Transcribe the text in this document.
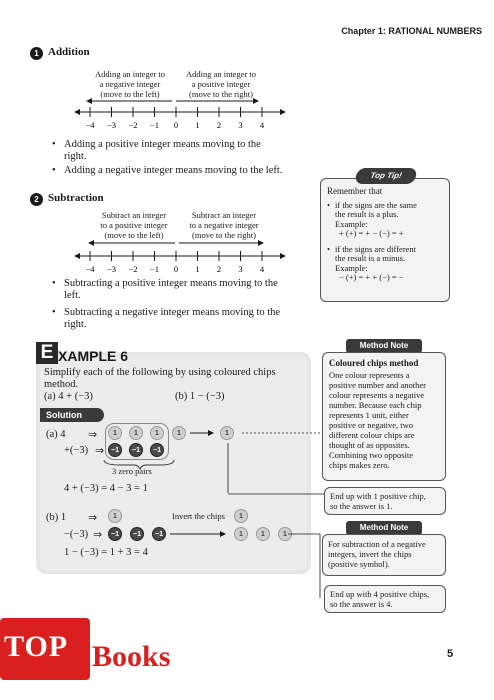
Chapter 1: RATIONAL NUMBERS
1 Addition
Adding an integer to
a negative integer
(move to the left)
Adding an integer to
a positive integer
(move to the right)
−4 −3 −2 −1 0 1 2 3 4
• Adding a positive integer means moving to the
right.
• Adding a negative integer means moving to the left.
2 Subtraction
Subtract an integer
to a positive integer
(move to the left)
Subtract an integer
to a negative integer
(move to the right)
−4 −3 −2 −1 0 1 2 3 4
• Subtracting a positive integer means moving to the
left.
• Subtracting a negative integer means moving to the
right.
Remember that
• if the signs are the same
the result is a plus.
Example:
+ (+) = + − (−) = +
• if the signs are different
the result is a minus.
Example:
− (+) = + + (−) = −
Top Tip!
E XAMPLE 6
Simplify each of the following by using coloured chips
method.
(a) 4 + (−3)	(b) 1 − (−3)
Solution
(a) 4 ⇒
+(−3) ⇒
1	1	1	1
−1	−1	−1
3 zero pairs
1
4 + (−3) = 4 − 3 = 1
(b) 1 ⇒	1
−(−3) ⇒	−1	−1	−1
Invert the chips	1
1	1	1
1 − (−3) = 1 + 3 = 4
Method Note
Coloured chips method
One colour represents a
positive number and another
colour represents a negative
number. Because each chip
represents 1 unit, either
positive or negative, two
different colour chips are
thought of as opposites.
Combining two opposite
chips makes zero.
End up with 1 positive chip,
so the answer is 1.
Method Note
For subtraction of a negative
integers, invert the chips
(positive symbol).
End up with 4 positive chips,
so the answer is 4.
TOP Books	5
